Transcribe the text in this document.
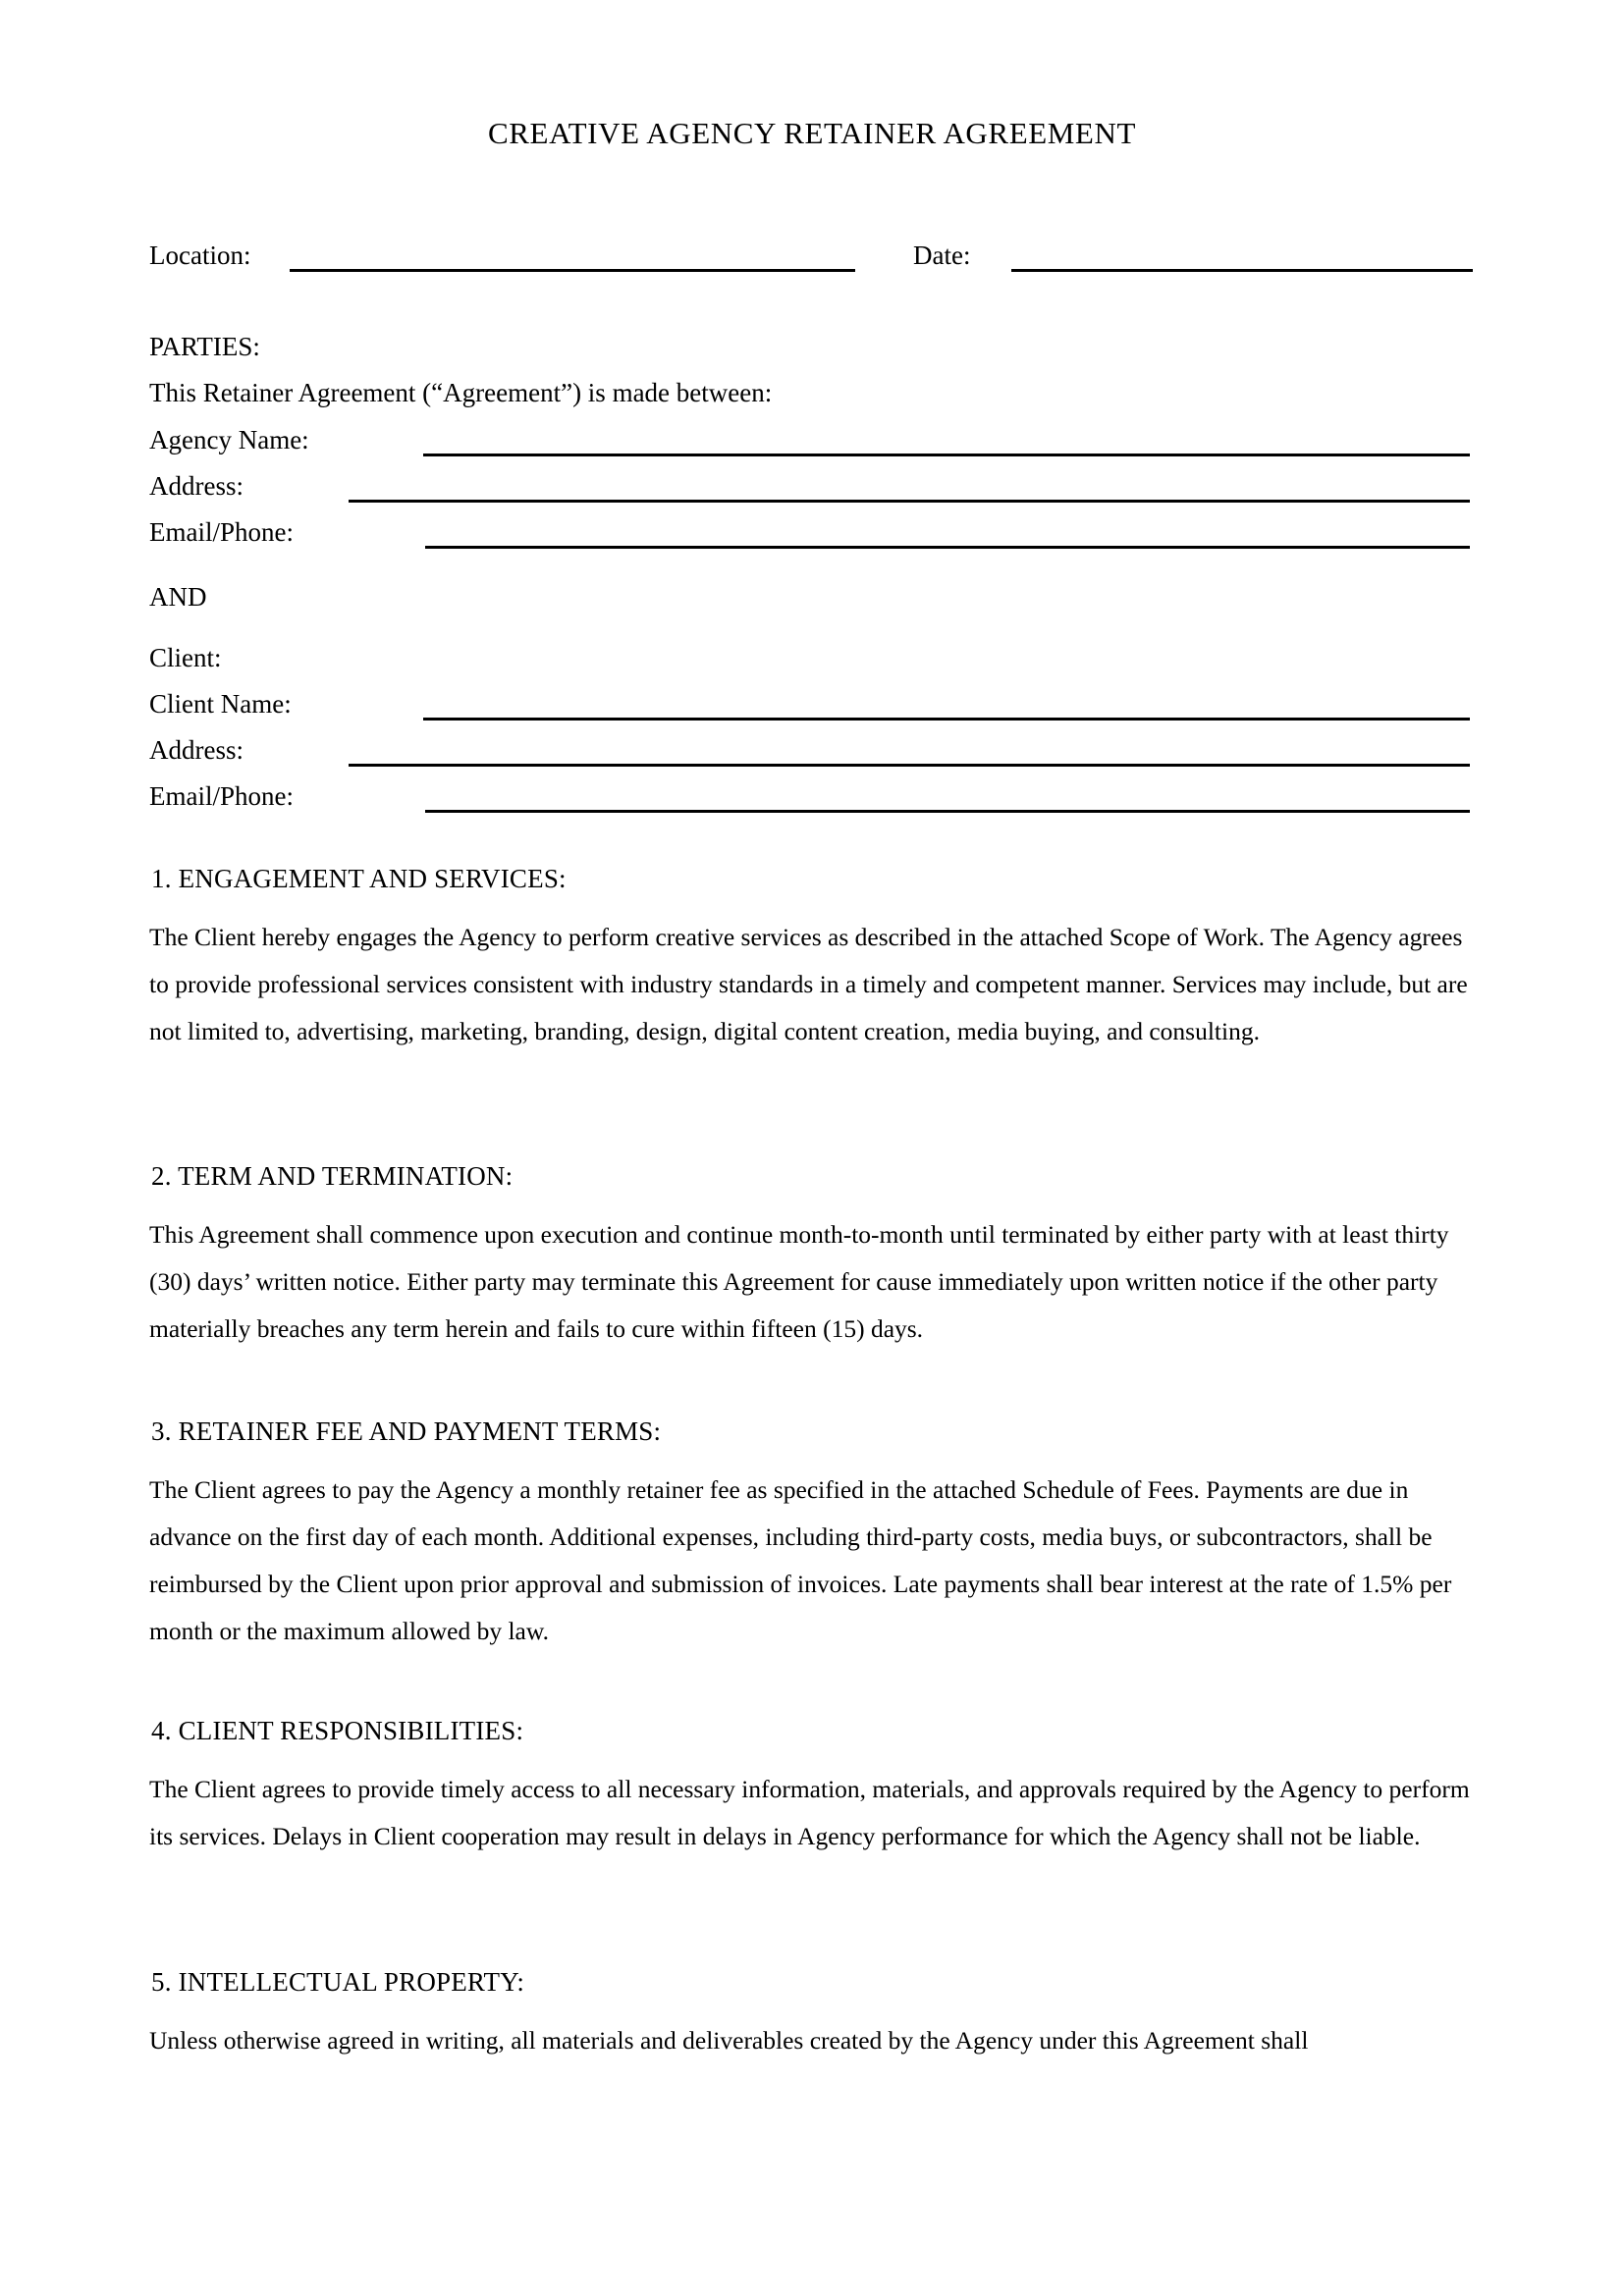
CREATIVE AGENCY RETAINER AGREEMENT
Location:	Date:
PARTIES:
This Retainer Agreement (“Agreement”) is made between:
Agency Name:
Address:
Email/Phone:
AND
Client:
Client Name:
Address:
Email/Phone:
1. ENGAGEMENT AND SERVICES:

The Client hereby engages the Agency to perform creative services as described in the attached Scope of Work. The Agency agrees to provide professional services consistent with industry standards in a timely and competent manner. Services may include, but are not limited to, advertising, marketing, branding, design, digital content creation, media buying, and consulting.

2. TERM AND TERMINATION:

This Agreement shall commence upon execution and continue month-to-month until terminated by either party with at least thirty (30) days’ written notice. Either party may terminate this Agreement for cause immediately upon written notice if the other party materially breaches any term herein and fails to cure within fifteen (15) days.

3. RETAINER FEE AND PAYMENT TERMS:

The Client agrees to pay the Agency a monthly retainer fee as specified in the attached Schedule of Fees. Payments are due in advance on the first day of each month. Additional expenses, including third-party costs, media buys, or subcontractors, shall be reimbursed by the Client upon prior approval and submission of invoices. Late payments shall bear interest at the rate of 1.5% per month or the maximum allowed by law.

4. CLIENT RESPONSIBILITIES:

The Client agrees to provide timely access to all necessary information, materials, and approvals required by the Agency to perform its services. Delays in Client cooperation may result in delays in Agency performance for which the Agency shall not be liable.

5. INTELLECTUAL PROPERTY:

Unless otherwise agreed in writing, all materials and deliverables created by the Agency under this Agreement shall
